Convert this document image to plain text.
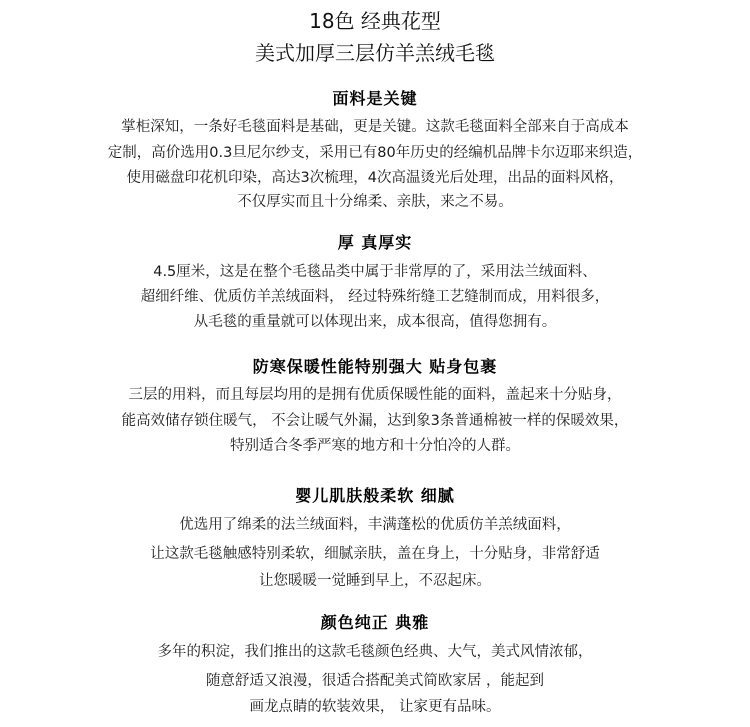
18色 经典花型
美式加厚三层仿羊羔绒毛毯
面料是关键
掌柜深知，一条好毛毯面料是基础，更是关键。这款毛毯面料全部来自于高成本
定制，高价选用0.3旦尼尔纱支，采用已有80年历史的经编机品牌卡尔迈耶来织造，
使用磁盘印花机印染，高达3次梳理，4次高温烫光后处理，出品的面料风格，
不仅厚实而且十分绵柔、亲肤，来之不易。
厚 真厚实
4.5厘米，这是在整个毛毯品类中属于非常厚的了，采用法兰绒面料、
超细纤维、优质仿羊羔绒面料， 经过特殊绗缝工艺缝制而成，用料很多，
从毛毯的重量就可以体现出来，成本很高，值得您拥有。
防寒保暖性能特别强大 贴身包裹
三层的用料，而且每层均用的是拥有优质保暖性能的面料，盖起来十分贴身，
能高效储存锁住暖气， 不会让暖气外漏，达到象3条普通棉被一样的保暖效果，
特别适合冬季严寒的地方和十分怕冷的人群。
婴儿肌肤般柔软 细腻
优选用了绵柔的法兰绒面料，丰满蓬松的优质仿羊羔绒面料，
让这款毛毯触感特别柔软，细腻亲肤，盖在身上，十分贴身，非常舒适
让您暖暖一觉睡到早上，不忍起床。
颜色纯正 典雅
多年的积淀，我们推出的这款毛毯颜色经典、大气，美式风情浓郁，
随意舒适又浪漫，很适合搭配美式简欧家居 ，能起到
画龙点睛的软装效果， 让家更有品味。
